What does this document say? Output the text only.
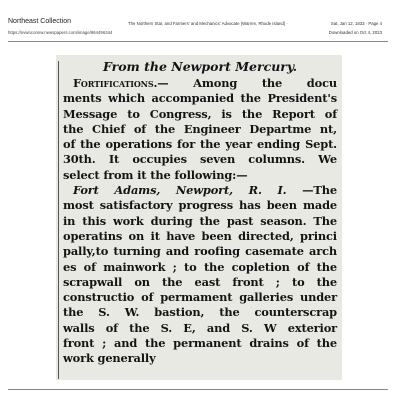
Northeast Collection
https://nvwnconnw.newspapers.com/image/964496344
The Northern Star, and Farmers' and Mechanics' Advocate (Warren, Rhode Island) ·	Sat, Jan 12, 1833 · Page 4
Downloaded on Oct 4, 2023
From the Newport Mercury.
Fortifications.— Among the docu
ments which accompanied the President's
Message to Congress, is the Report of
the Chief of the Engineer Departme nt,
of the operations for the year ending Sept.
30th. It occupies seven columns. We
select from it the following:—
Fort Adams, Newport, R. I. —The
most satisfactory progress has been made
in this work during the past season. The
operatins on it have been directed, princi
pally,to turning and roofing casemate arch
es of mainwork ; to the copletion of the
scrapwall on the east front ; to the
constructio of permament galleries under
the S. W. bastion, the counterscrap
walls of the S. E, and S. W exterior
front ; and the permanent drains of the
work generally
